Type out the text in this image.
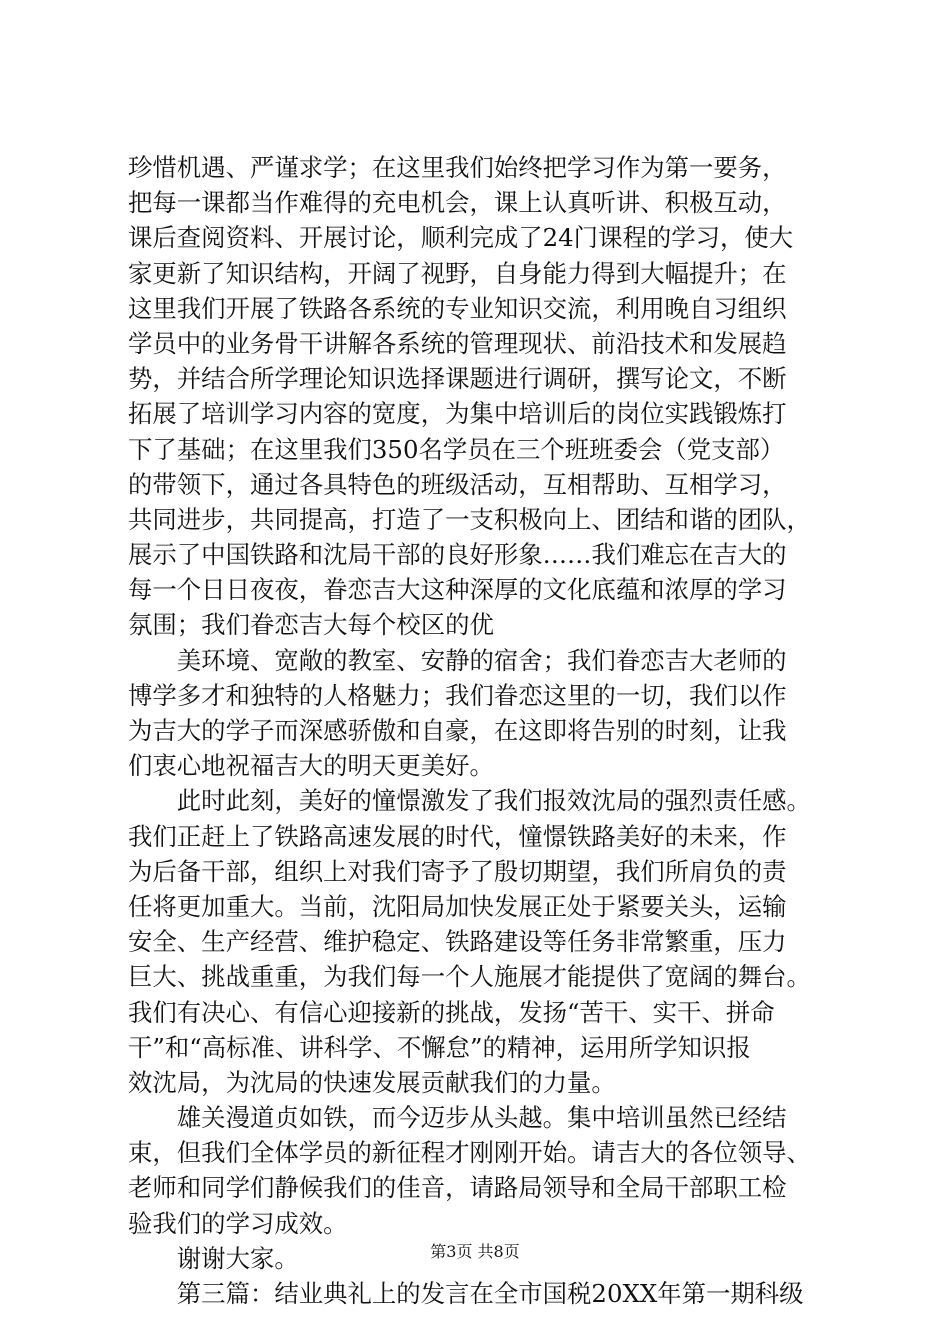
珍惜机遇、严谨求学；在这里我们始终把学习作为第一要务，
把每一课都当作难得的充电机会，课上认真听讲、积极互动，
课后查阅资料、开展讨论，顺利完成了24门课程的学习，使大
家更新了知识结构，开阔了视野，自身能力得到大幅提升；在
这里我们开展了铁路各系统的专业知识交流，利用晚自习组织
学员中的业务骨干讲解各系统的管理现状、前沿技术和发展趋
势，并结合所学理论知识选择课题进行调研，撰写论文，不断
拓展了培训学习内容的宽度，为集中培训后的岗位实践锻炼打
下了基础；在这里我们350名学员在三个班班委会（党支部）
的带领下，通过各具特色的班级活动，互相帮助、互相学习，
共同进步，共同提高，打造了一支积极向上、团结和谐的团队，
展示了中国铁路和沈局干部的良好形象……我们难忘在吉大的
每一个日日夜夜，眷恋吉大这种深厚的文化底蕴和浓厚的学习
氛围；我们眷恋吉大每个校区的优
　　美环境、宽敞的教室、安静的宿舍；我们眷恋吉大老师的
博学多才和独特的人格魅力；我们眷恋这里的一切，我们以作
为吉大的学子而深感骄傲和自豪，在这即将告别的时刻，让我
们衷心地祝福吉大的明天更美好。
　　此时此刻，美好的憧憬激发了我们报效沈局的强烈责任感。
我们正赶上了铁路高速发展的时代，憧憬铁路美好的未来，作
为后备干部，组织上对我们寄予了殷切期望，我们所肩负的责
任将更加重大。当前，沈阳局加快发展正处于紧要关头，运输
安全、生产经营、维护稳定、铁路建设等任务非常繁重，压力
巨大、挑战重重，为我们每一个人施展才能提供了宽阔的舞台。
我们有决心、有信心迎接新的挑战，发扬“苦干、实干、拼命
干”和“高标准、讲科学、不懈怠”的精神，运用所学知识报
效沈局，为沈局的快速发展贡献我们的力量。
　　雄关漫道贞如铁，而今迈步从头越。集中培训虽然已经结
束，但我们全体学员的新征程才刚刚开始。请吉大的各位领导、
老师和同学们静候我们的佳音，请路局领导和全局干部职工检
验我们的学习成效。
　　谢谢大家。
　　第三篇：结业典礼上的发言在全市国税20XX年第一期科级
第3页 共8页
